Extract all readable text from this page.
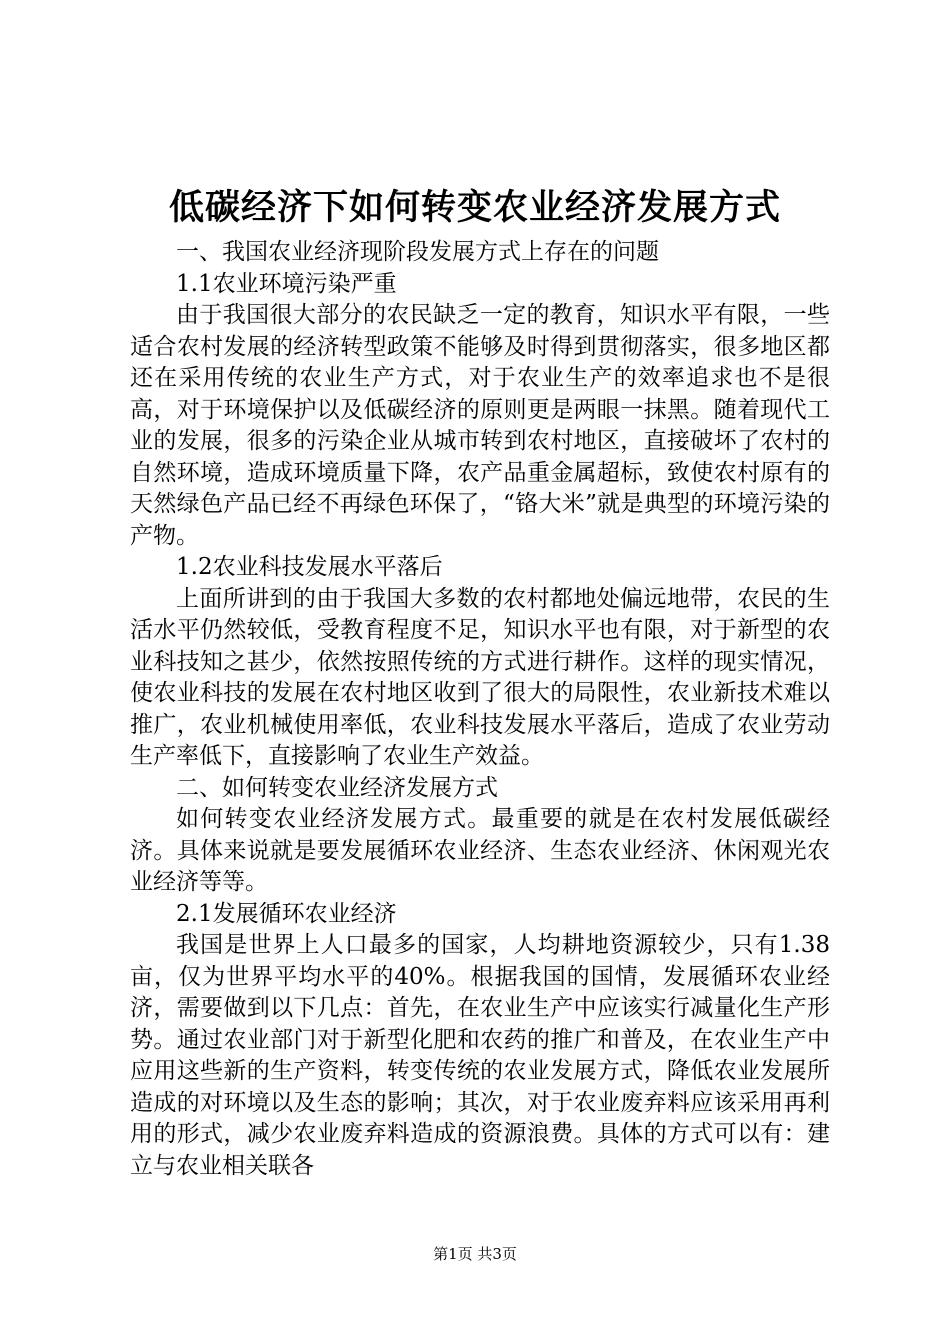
低碳经济下如何转变农业经济发展方式

一、我国农业经济现阶段发展方式上存在的问题

1.1农业环境污染严重

由于我国很大部分的农民缺乏一定的教育，知识水平有限，一些适合农村发展的经济转型政策不能够及时得到贯彻落实，很多地区都还在采用传统的农业生产方式，对于农业生产的效率追求也不是很高，对于环境保护以及低碳经济的原则更是两眼一抹黑。随着现代工业的发展，很多的污染企业从城市转到农村地区，直接破坏了农村的自然环境，造成环境质量下降，农产品重金属超标，致使农村原有的天然绿色产品已经不再绿色环保了，“铬大米”就是典型的环境污染的产物。

1.2农业科技发展水平落后

上面所讲到的由于我国大多数的农村都地处偏远地带，农民的生活水平仍然较低，受教育程度不足，知识水平也有限，对于新型的农业科技知之甚少，依然按照传统的方式进行耕作。这样的现实情况，使农业科技的发展在农村地区收到了很大的局限性，农业新技术难以推广，农业机械使用率低，农业科技发展水平落后，造成了农业劳动生产率低下，直接影响了农业生产效益。

二、如何转变农业经济发展方式

如何转变农业经济发展方式。最重要的就是在农村发展低碳经济。具体来说就是要发展循环农业经济、生态农业经济、休闲观光农业经济等等。

2.1发展循环农业经济

我国是世界上人口最多的国家，人均耕地资源较少，只有1.38亩，仅为世界平均水平的40%。根据我国的国情，发展循环农业经济，需要做到以下几点：首先，在农业生产中应该实行减量化生产形势。通过农业部门对于新型化肥和农药的推广和普及，在农业生产中应用这些新的生产资料，转变传统的农业发展方式，降低农业发展所造成的对环境以及生态的影响；其次，对于农业废弃料应该采用再利用的形式，减少农业废弃料造成的资源浪费。具体的方式可以有：建立与农业相关联各

第1页 共3页
